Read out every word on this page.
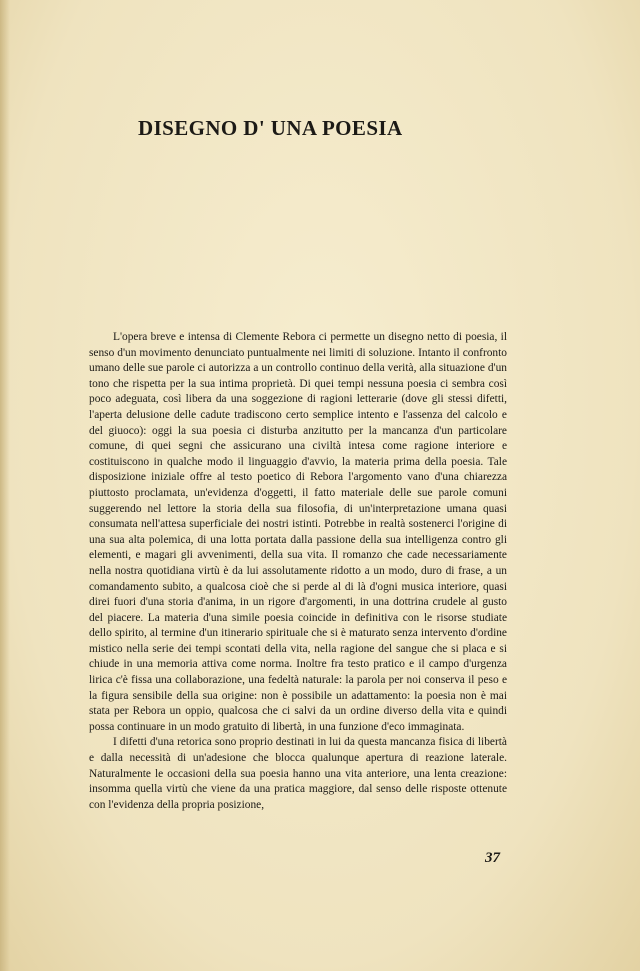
DISEGNO D' UNA POESIA

L'opera breve e intensa di Clemente Rebora ci permette un disegno netto di poesia, il senso d'un movimento denunciato puntualmente nei limiti di soluzione. Intanto il confronto umano delle sue parole ci autorizza a un controllo continuo della verità, alla situazione d'un tono che rispetta per la sua intima proprietà. Di quei tempi nessuna poesia ci sembra così poco adeguata, così libera da una soggezione di ragioni letterarie (dove gli stessi difetti, l'aperta delusione delle cadute tradiscono certo semplice intento e l'assenza del calcolo e del giuoco): oggi la sua poesia ci disturba anzitutto per la mancanza d'un particolare comune, di quei segni che assicurano una civiltà intesa come ragione interiore e costituiscono in qualche modo il linguaggio d'avvio, la materia prima della poesia. Tale disposizione iniziale offre al testo poetico di Rebora l'argomento vano d'una chiarezza piuttosto proclamata, un'evidenza d'oggetti, il fatto materiale delle sue parole comuni suggerendo nel lettore la storia della sua filosofia, di un'interpretazione umana quasi consumata nell'attesa superficiale dei nostri istinti. Potrebbe in realtà sostenerci l'origine di una sua alta polemica, di una lotta portata dalla passione della sua intelligenza contro gli elementi, e magari gli avvenimenti, della sua vita. Il romanzo che cade necessariamente nella nostra quotidiana virtù è da lui assolutamente ridotto a un modo, duro di frase, a un comandamento subito, a qualcosa cioè che si perde al di là d'ogni musica interiore, quasi direi fuori d'una storia d'anima, in un rigore d'argomenti, in una dottrina crudele al gusto del piacere. La materia d'una simile poesia coincide in definitiva con le risorse studiate dello spirito, al termine d'un itinerario spirituale che si è maturato senza intervento d'ordine mistico nella serie dei tempi scontati della vita, nella ragione del sangue che si placa e si chiude in una memoria attiva come norma. Inoltre fra testo pratico e il campo d'urgenza lirica c'è fissa una collaborazione, una fedeltà naturale: la parola per noi conserva il peso e la figura sensibile della sua origine: non è possibile un adattamento: la poesia non è mai stata per Rebora un oppio, qualcosa che ci salvi da un ordine diverso della vita e quindi possa continuare in un modo gratuito di libertà, in una funzione d'eco immaginata.

I difetti d'una retorica sono proprio destinati in lui da questa mancanza fisica di libertà e dalla necessità di un'adesione che blocca qualunque apertura di reazione laterale. Naturalmente le occasioni della sua poesia hanno una vita anteriore, una lenta creazione: insomma quella virtù che viene da una pratica maggiore, dal senso delle risposte ottenute con l'evidenza della propria posizione,

37
